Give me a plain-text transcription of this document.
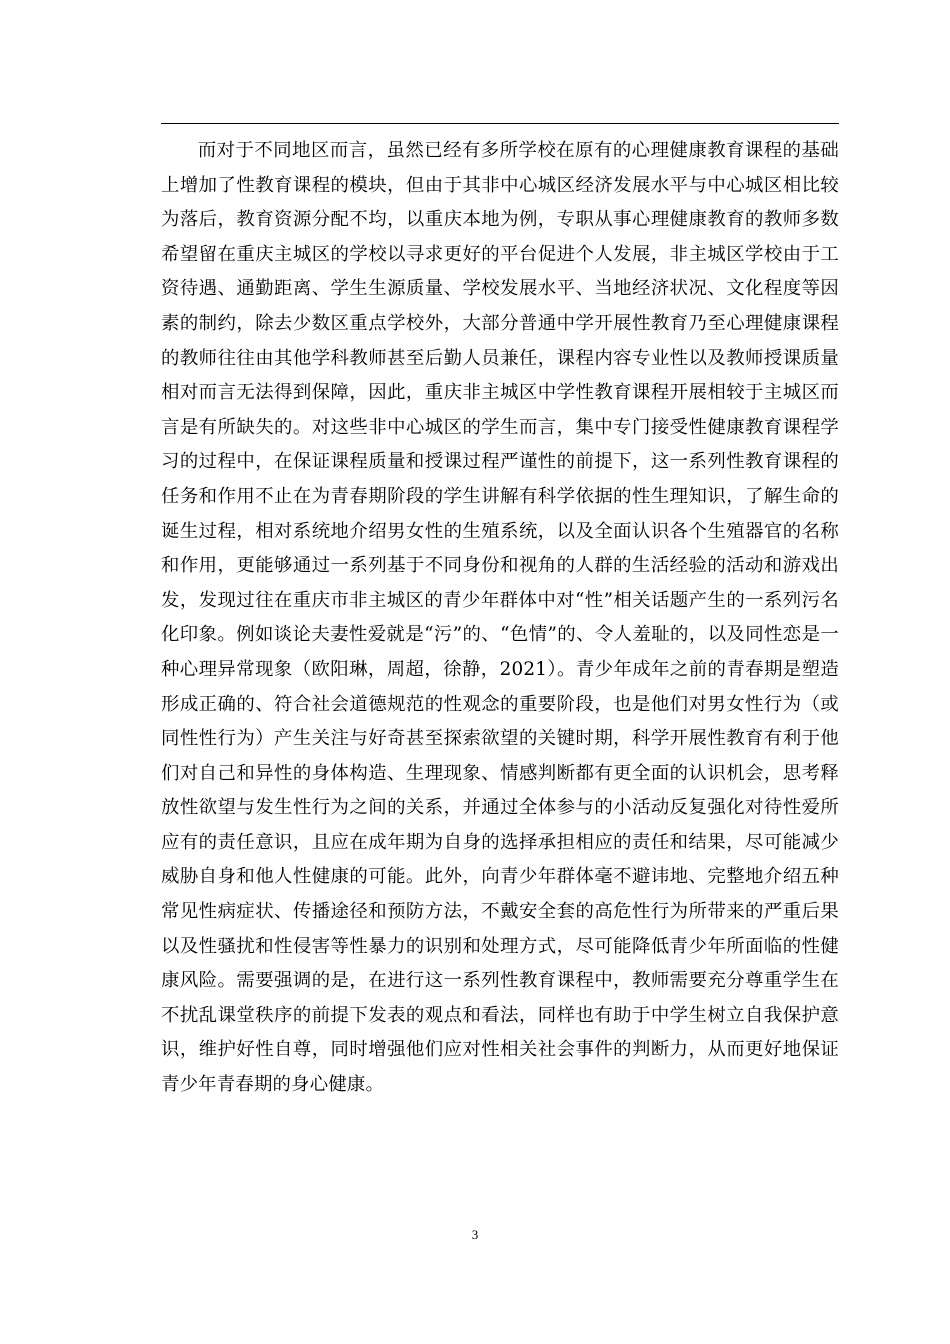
而对于不同地区而言，虽然已经有多所学校在原有的心理健康教育课程的基础上增加了性教育课程的模块，但由于其非中心城区经济发展水平与中心城区相比较为落后，教育资源分配不均，以重庆本地为例，专职从事心理健康教育的教师多数希望留在重庆主城区的学校以寻求更好的平台促进个人发展，非主城区学校由于工资待遇、通勤距离、学生生源质量、学校发展水平、当地经济状况、文化程度等因素的制约，除去少数区重点学校外，大部分普通中学开展性教育乃至心理健康课程的教师往往由其他学科教师甚至后勤人员兼任，课程内容专业性以及教师授课质量相对而言无法得到保障，因此，重庆非主城区中学性教育课程开展相较于主城区而言是有所缺失的。对这些非中心城区的学生而言，集中专门接受性健康教育课程学习的过程中，在保证课程质量和授课过程严谨性的前提下，这一系列性教育课程的任务和作用不止在为青春期阶段的学生讲解有科学依据的性生理知识，了解生命的诞生过程，相对系统地介绍男女性的生殖系统，以及全面认识各个生殖器官的名称和作用，更能够通过一系列基于不同身份和视角的人群的生活经验的活动和游戏出发，发现过往在重庆市非主城区的青少年群体中对“性”相关话题产生的一系列污名化印象。例如谈论夫妻性爱就是“污”的、“色情”的、令人羞耻的，以及同性恋是一种心理异常现象（欧阳琳，周超，徐静，2021）。青少年成年之前的青春期是塑造形成正确的、符合社会道德规范的性观念的重要阶段，也是他们对男女性行为（或同性性行为）产生关注与好奇甚至探索欲望的关键时期，科学开展性教育有利于他们对自己和异性的身体构造、生理现象、情感判断都有更全面的认识机会，思考释放性欲望与发生性行为之间的关系，并通过全体参与的小活动反复强化对待性爱所应有的责任意识，且应在成年期为自身的选择承担相应的责任和结果，尽可能减少威胁自身和他人性健康的可能。此外，向青少年群体毫不避讳地、完整地介绍五种常见性病症状、传播途径和预防方法，不戴安全套的高危性行为所带来的严重后果以及性骚扰和性侵害等性暴力的识别和处理方式，尽可能降低青少年所面临的性健康风险。需要强调的是，在进行这一系列性教育课程中，教师需要充分尊重学生在不扰乱课堂秩序的前提下发表的观点和看法，同样也有助于中学生树立自我保护意识，维护好性自尊，同时增强他们应对性相关社会事件的判断力，从而更好地保证青少年青春期的身心健康。

3
